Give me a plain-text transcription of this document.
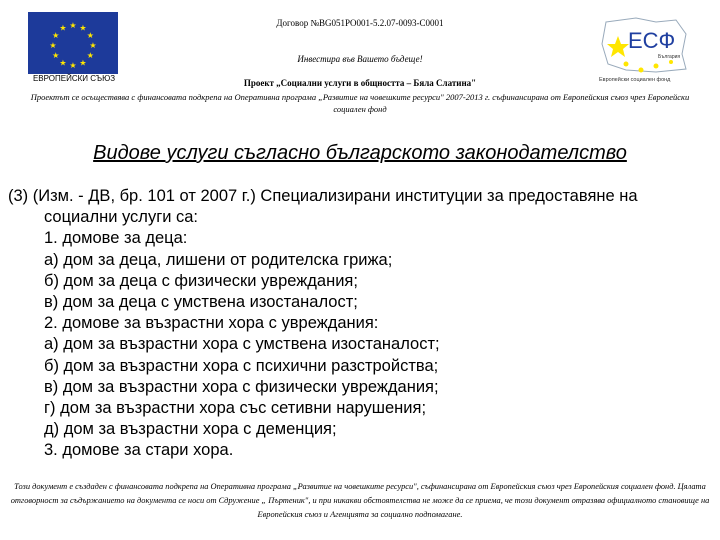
★ ★
★
★
★
★
★
★
★
★
★
★
ЕВРОПЕЙСКИ СЪЮЗ
Договор №BG051PO001-5.2.07-0093-C0001
Инвестира във Вашето бъдеще!
Проект „Социални услуги в общността – Бяла Слатина"
Проектът се осъществява с финансовата подкрепа на Оперативна програма „Развитие на човешките ресурси" 2007-2013 г. съфинансирана от Европейския съюз чрез Европейски социален фонд
ЕСФ
България
Европейски социален фонд
Видове услуги съгласно българското законодателство
(3) (Изм. - ДВ, бр. 101 от 2007 г.) Специализирани институции за предоставяне на
социални услуги са:
1. домове за деца:
а) дом за деца, лишени от родителска грижа;
б) дом за деца с физически увреждания;
в) дом за деца с умствена изостаналост;
2. домове за възрастни хора с увреждания:
а) дом за възрастни хора с умствена изостаналост;
б) дом за възрастни хора с психични разстройства;
в) дом за възрастни хора с физически увреждания;
г) дом за възрастни хора със сетивни нарушения;
д) дом за възрастни хора с деменция;
3. домове за стари хора.
Този документ е създаден с финансовата подкрепа на Оперативна програма „Развитие на човешките ресурси", съфинансирана от Европейския съюз чрез Европейския социален фонд. Цялата отговорност за съдържанието на документа се носи от Сдружение „ Пъртеник", и при никакви обстоятелства не може да се приема, че този документ отразява официалното становище на Европейския съюз и Агенцията за социално подпомагане.
